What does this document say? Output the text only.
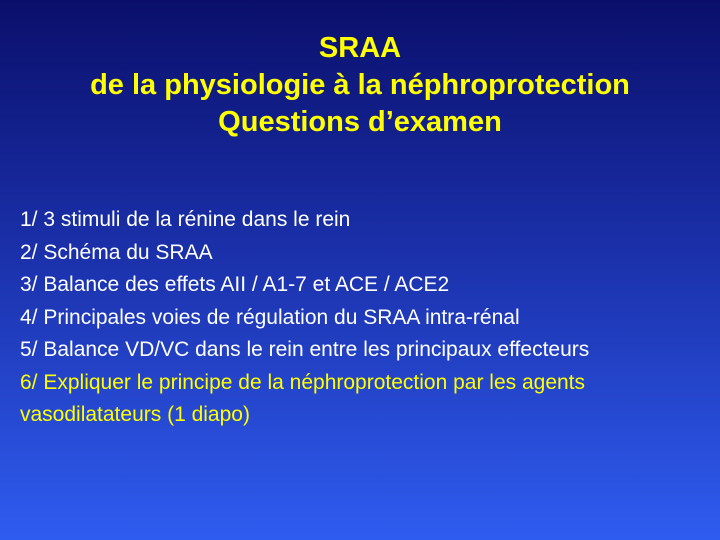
SRAA
de la physiologie à la néphroprotection
Questions d’examen
1/ 3 stimuli de la rénine dans le rein
2/ Schéma du SRAA
3/ Balance des effets AII / A1-7 et ACE / ACE2
4/ Principales voies de régulation du SRAA intra-rénal
5/ Balance VD/VC dans le rein entre les principaux effecteurs
6/ Expliquer le principe de la néphroprotection par les agents vasodilatateurs (1 diapo)
